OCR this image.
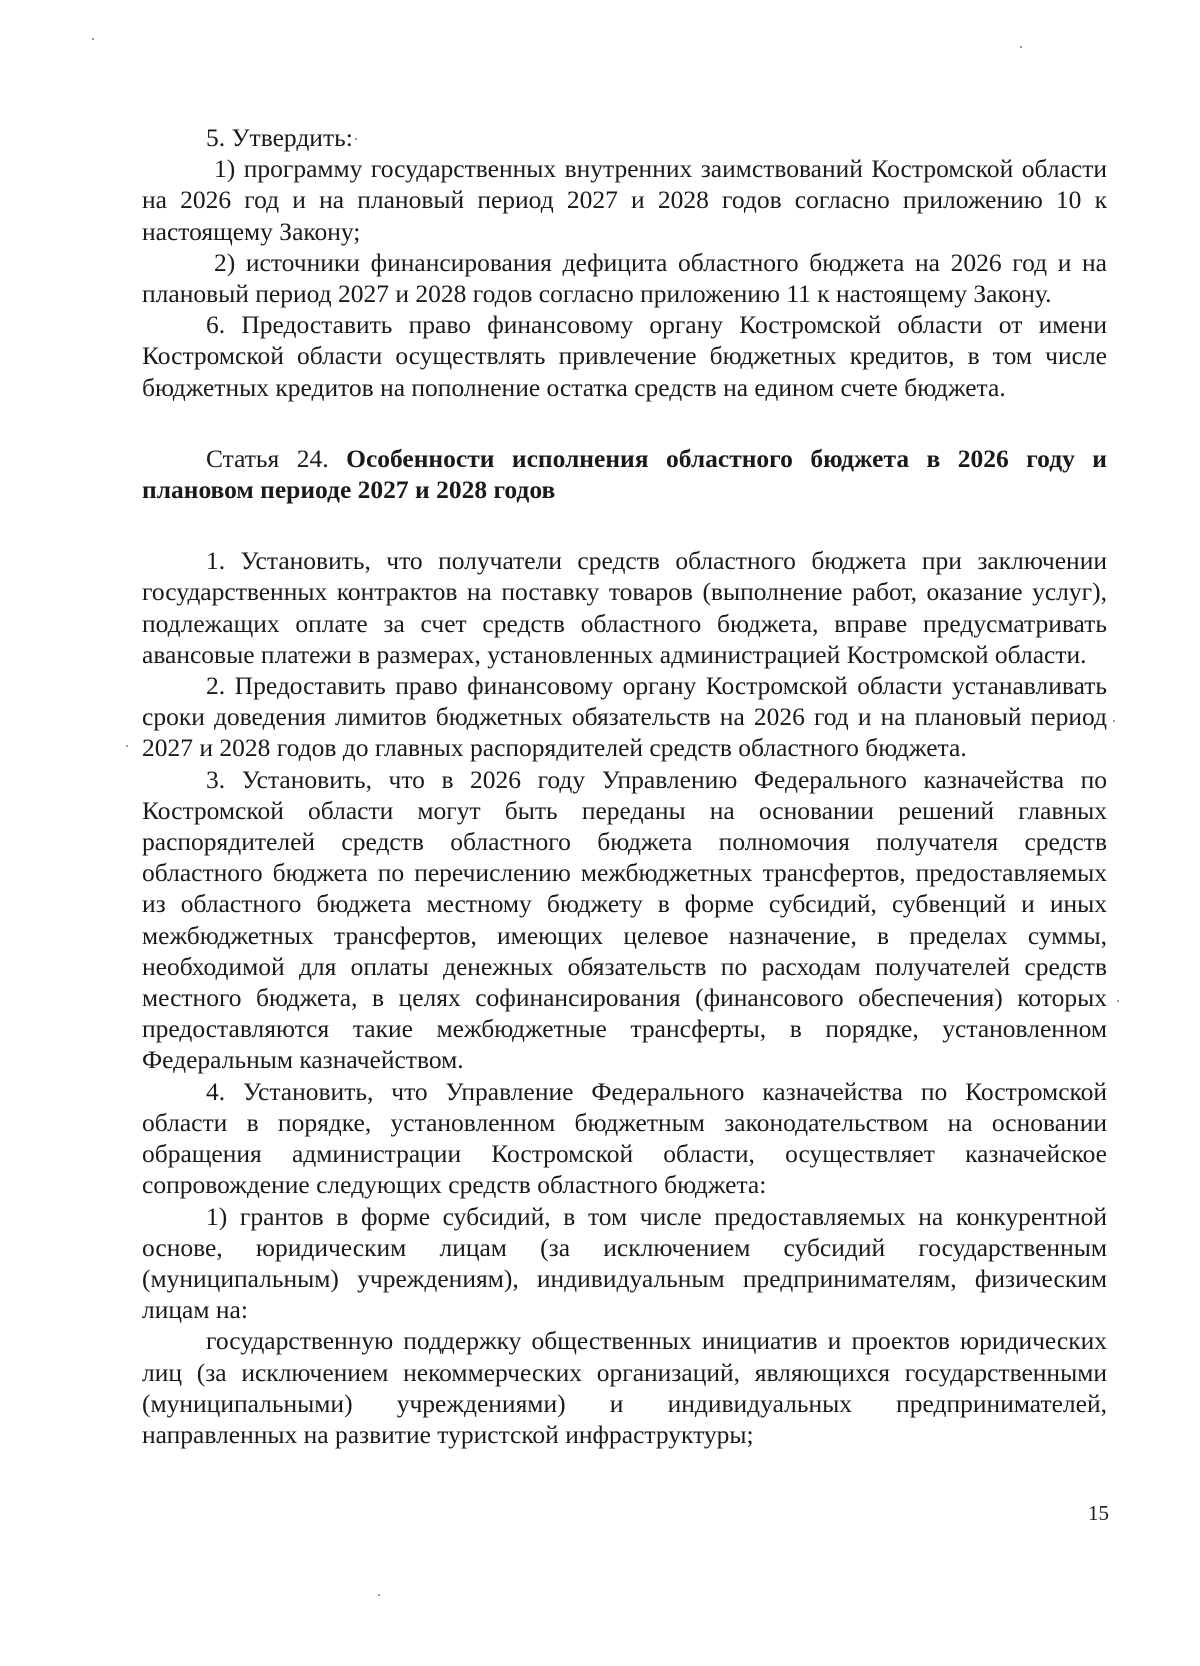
5. Утвердить:

1) программу государственных внутренних заимствований Костромской области на 2026 год и на плановый период 2027 и 2028 годов согласно приложению 10 к настоящему Закону;

2) источники финансирования дефицита областного бюджета на 2026 год и на плановый период 2027 и 2028 годов согласно приложению 11 к настоящему Закону.

6. Предоставить право финансовому органу Костромской области от имени Костромской области осуществлять привлечение бюджетных кредитов, в том числе бюджетных кредитов на пополнение остатка средств на едином счете бюджета.

Статья 24. Особенности исполнения областного бюджета в 2026 году и плановом периоде 2027 и 2028 годов

1. Установить, что получатели средств областного бюджета при заключении государственных контрактов на поставку товаров (выполнение работ, оказание услуг), подлежащих оплате за счет средств областного бюджета, вправе предусматривать авансовые платежи в размерах, установленных администрацией Костромской области.

2. Предоставить право финансовому органу Костромской области устанавливать сроки доведения лимитов бюджетных обязательств на 2026 год и на плановый период 2027 и 2028 годов до главных распорядителей средств областного бюджета.

3. Установить, что в 2026 году Управлению Федерального казначейства по Костромской области могут быть переданы на основании решений главных распорядителей средств областного бюджета полномочия получателя средств областного бюджета по перечислению межбюджетных трансфертов, предоставляемых из областного бюджета местному бюджету в форме субсидий, субвенций и иных межбюджетных трансфертов, имеющих целевое назначение, в пределах суммы, необходимой для оплаты денежных обязательств по расходам получателей средств местного бюджета, в целях софинансирования (финансового обеспечения) которых предоставляются такие межбюджетные трансферты, в порядке, установленном Федеральным казначейством.

4. Установить, что Управление Федерального казначейства по Костромской области в порядке, установленном бюджетным законодательством на основании обращения администрации Костромской области, осуществляет казначейское сопровождение следующих средств областного бюджета:

1) грантов в форме субсидий, в том числе предоставляемых на конкурентной основе, юридическим лицам (за исключением субсидий государственным (муниципальным) учреждениям), индивидуальным предпринимателям, физическим лицам на:

государственную поддержку общественных инициатив и проектов юридических лиц (за исключением некоммерческих организаций, являющихся государственными (муниципальными) учреждениями) и индивидуальных предпринимателей, направленных на развитие туристской инфраструктуры;

15
